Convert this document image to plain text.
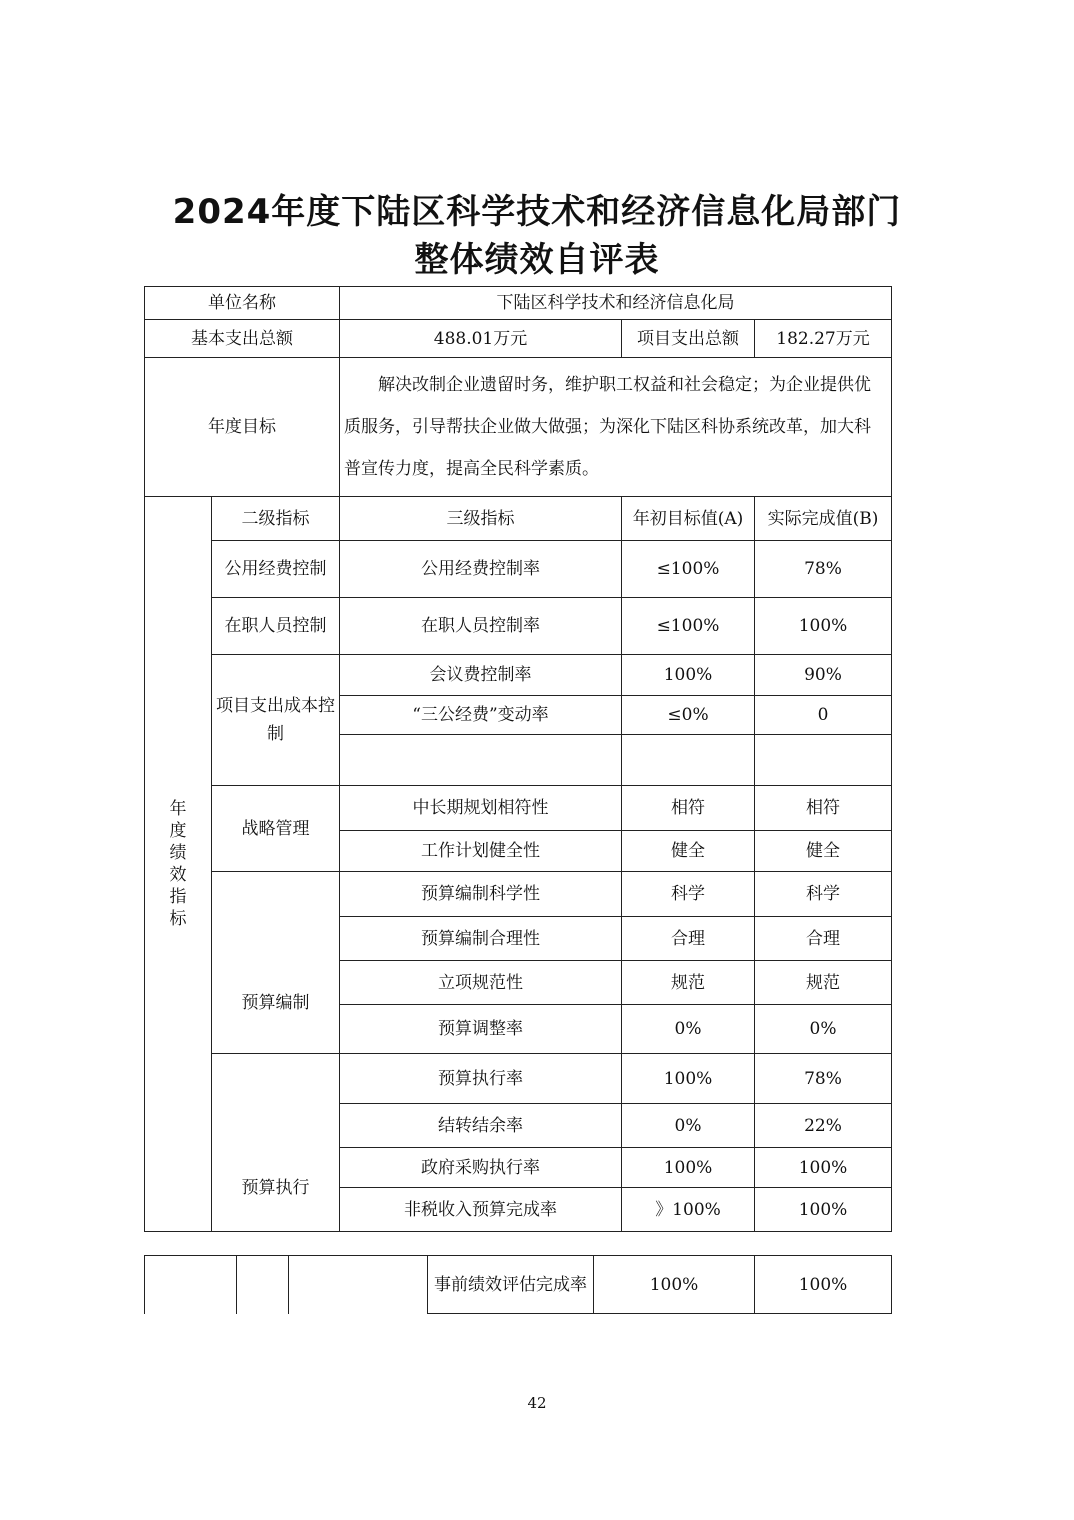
2024年度下陆区科学技术和经济信息化局部门
整体绩效自评表
单位名称		下陆区科学技术和经济信息化局		
基本支出总额		488.01万元	项目支出总额	182.27万元
年度目标		解决改制企业遗留时务，维护职工权益和社会稳定；为企业提供优质服务，引导帮扶企业做大做强；为深化下陆区科协系统改革，加大科普宣传力度，提高全民科学素质。		

年度绩效指标	二级指标	三级指标	年初目标值(A)	实际完成值(B)
	公用经费控制	公用经费控制率	≤100%	78%
	在职人员控制	在职人员控制率	≤100%	100%
	项目支出成本控制	会议费控制率	100%	90%
		“三公经费”变动率	≤0%	0

	战略管理	中长期规划相符性	相符	相符
		工作计划健全性	健全	健全
	预算编制	预算编制科学性	科学	科学
		预算编制合理性	合理	合理
		立项规范性	规范	规范
		预算调整率	0%	0%
	预算执行	预算执行率	100%	78%
		结转结余率	0%	22%
		政府采购执行率	100%	100%
		非税收入预算完成率	》100%	100%
			事前绩效评估完成率	100%	100%
42
